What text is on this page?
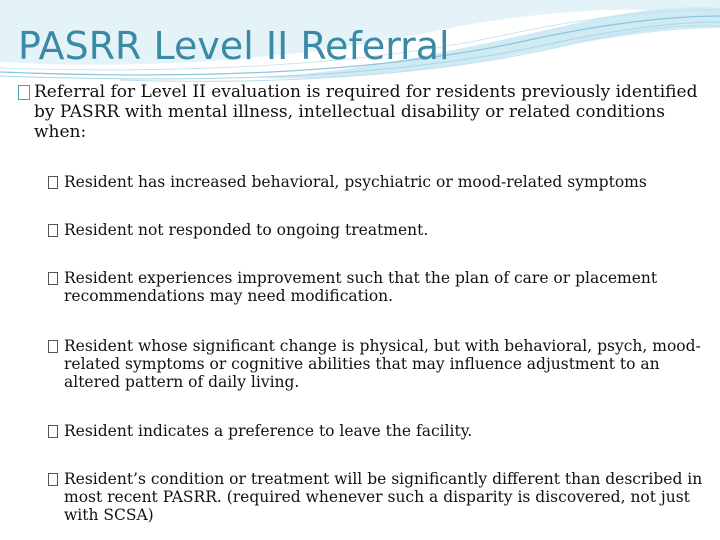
PASRR Level II Referral
Referral for Level II evaluation is required for residents previously identified by PASRR with mental illness, intellectual disability or related conditions when:
Resident has increased behavioral, psychiatric or mood-related symptoms
Resident not responded to ongoing treatment.
Resident experiences improvement such that the plan of care or placement recommendations may need modification.
Resident whose significant change is physical, but with behavioral, psych, mood-related symptoms or cognitive abilities that may influence adjustment to an altered pattern of daily living.
Resident indicates a preference to leave the facility.
Resident’s condition or treatment will be significantly different than described in most recent PASRR. (required whenever such a disparity is discovered, not just with SCSA)
